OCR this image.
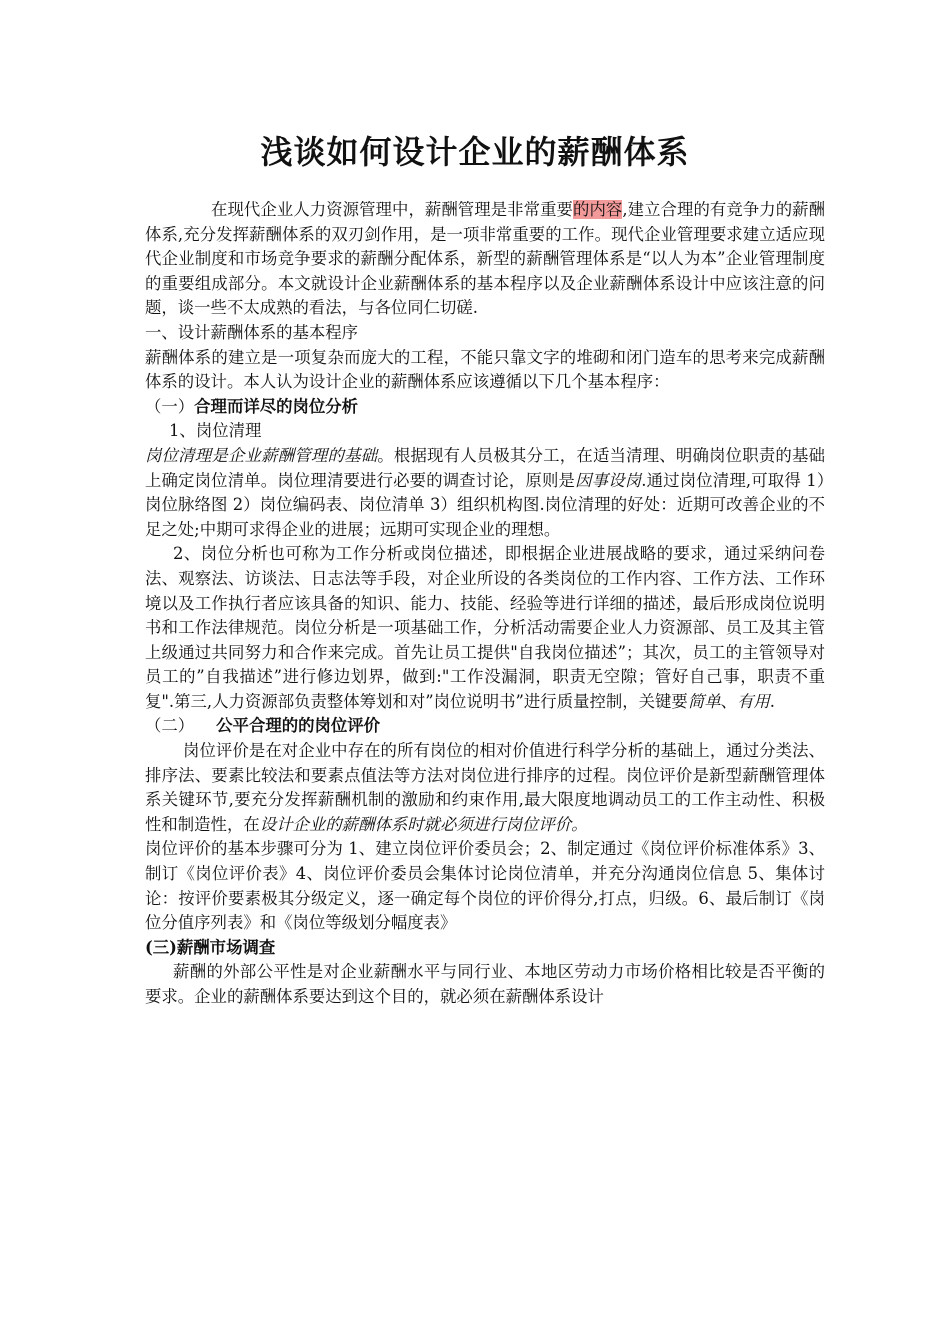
浅谈如何设计企业的薪酬体系

在现代企业人力资源管理中，薪酬管理是非常重要的内容,建立合理的有竞争力的薪酬体系,充分发挥薪酬体系的双刃剑作用，是一项非常重要的工作。现代企业管理要求建立适应现代企业制度和市场竞争要求的薪酬分配体系，新型的薪酬管理体系是“以人为本”企业管理制度的重要组成部分。本文就设计企业薪酬体系的基本程序以及企业薪酬体系设计中应该注意的问题，谈一些不太成熟的看法，与各位同仁切磋.

一、设计薪酬体系的基本程序

薪酬体系的建立是一项复杂而庞大的工程，不能只靠文字的堆砌和闭门造车的思考来完成薪酬体系的设计。本人认为设计企业的薪酬体系应该遵循以下几个基本程序：

（一）合理而详尽的岗位分析

1、岗位清理

岗位清理是企业薪酬管理的基础。根据现有人员极其分工，在适当清理、明确岗位职责的基础上确定岗位清单。岗位理清要进行必要的调查讨论，原则是因事设岗.通过岗位清理,可取得 1）岗位脉络图 2）岗位编码表、岗位清单 3）组织机构图.岗位清理的好处：近期可改善企业的不足之处;中期可求得企业的进展；远期可实现企业的理想。

2、岗位分析也可称为工作分析或岗位描述，即根据企业进展战略的要求，通过采纳问卷法、观察法、访谈法、日志法等手段，对企业所设的各类岗位的工作内容、工作方法、工作环境以及工作执行者应该具备的知识、能力、技能、经验等进行详细的描述，最后形成岗位说明书和工作法律规范。岗位分析是一项基础工作，分析活动需要企业人力资源部、员工及其主管上级通过共同努力和合作来完成。首先让员工提供"自我岗位描述”；其次，员工的主管领导对员工的”自我描述”进行修边划界，做到:"工作没漏洞，职责无空隙；管好自己事，职责不重复".第三,人力资源部负责整体筹划和对”岗位说明书”进行质量控制，关键要简单、有用.

（二） 公平合理的的岗位评价

岗位评价是在对企业中存在的所有岗位的相对价值进行科学分析的基础上，通过分类法、排序法、要素比较法和要素点值法等方法对岗位进行排序的过程。岗位评价是新型薪酬管理体系关键环节,要充分发挥薪酬机制的激励和约束作用,最大限度地调动员工的工作主动性、积极性和制造性，在设计企业的薪酬体系时就必须进行岗位评价。

岗位评价的基本步骤可分为 1、建立岗位评价委员会；2、制定通过《岗位评价标准体系》3、制订《岗位评价表》4、岗位评价委员会集体讨论岗位清单，并充分沟通岗位信息 5、集体讨论：按评价要素极其分级定义，逐一确定每个岗位的评价得分,打点，归级。6、最后制订《岗位分值序列表》和《岗位等级划分幅度表》

(三)薪酬市场调查

薪酬的外部公平性是对企业薪酬水平与同行业、本地区劳动力市场价格相比较是否平衡的要求。企业的薪酬体系要达到这个目的，就必须在薪酬体系设计
